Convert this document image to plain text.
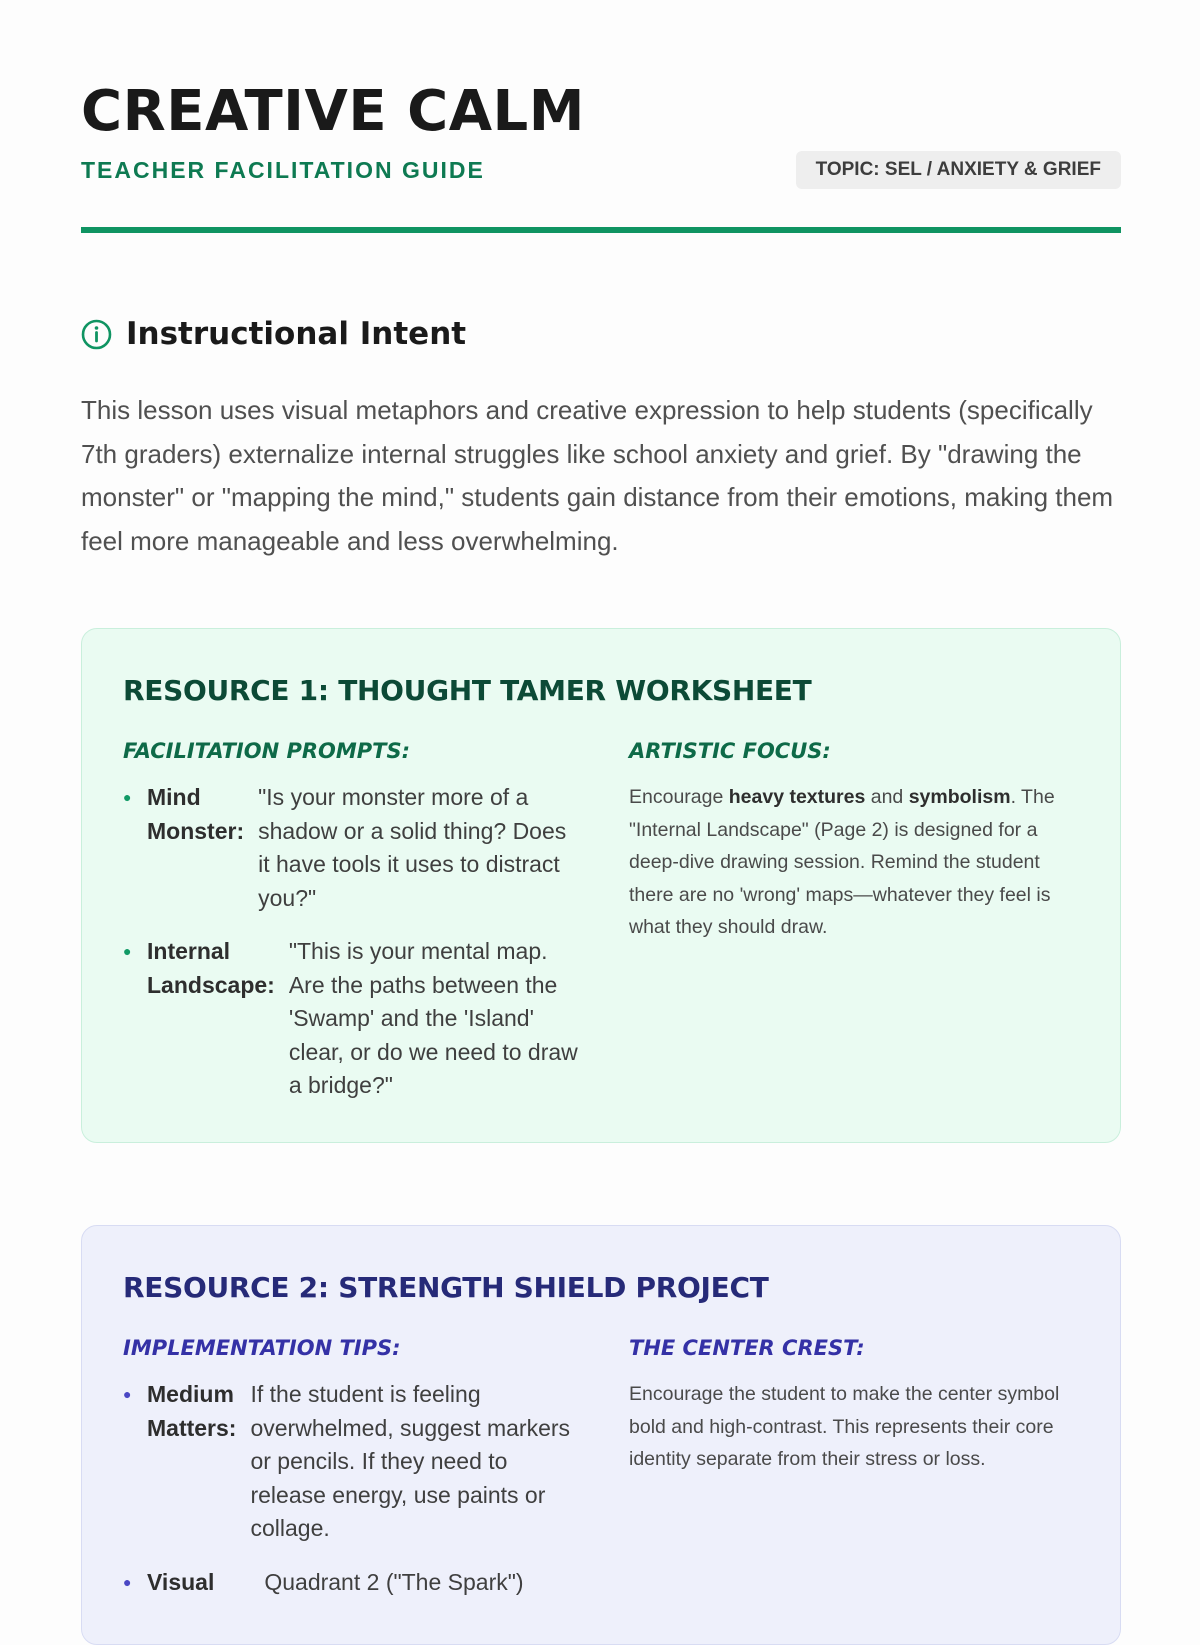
CREATIVE CALM
TEACHER FACILITATION GUIDE	TOPIC: SEL / ANXIETY & GRIEF
Instructional Intent

This lesson uses visual metaphors and creative expression to help students (specifically 7th graders) externalize internal struggles like school anxiety and grief. By "drawing the monster" or "mapping the mind," students gain distance from their emotions, making them feel more manageable and less overwhelming.

RESOURCE 1: THOUGHT TAMER WORKSHEET
FACILITATION PROMPTS:
● Mind
Monster:
"Is your monster more of a shadow or a solid thing? Does it have tools it uses to distract you?"
● Internal
Landscape:
"This is your mental map. Are the paths between the 'Swamp' and the 'Island' clear, or do we need to draw a bridge?"
ARTISTIC FOCUS:

Encourage heavy textures and symbolism. The "Internal Landscape" (Page 2) is designed for a deep-dive drawing session. Remind the student there are no 'wrong' maps—whatever they feel is what they should draw.

RESOURCE 2: STRENGTH SHIELD PROJECT
IMPLEMENTATION TIPS:
● Medium
Matters:
If the student is feeling overwhelmed, suggest markers or pencils. If they need to release energy, use paints or collage.
● Visual Quadrant 2 ("The Spark")
THE CENTER CREST:

Encourage the student to make the center symbol bold and high-contrast. This represents their core identity separate from their stress or loss.
